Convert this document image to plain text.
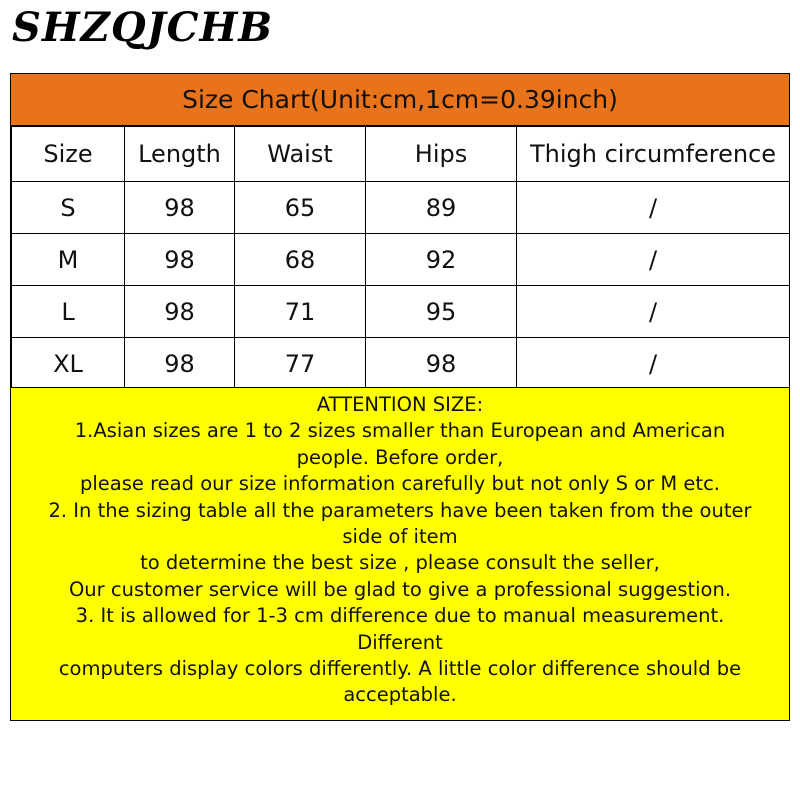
SHZQJCHB
Size Chart(Unit:cm,1cm=0.39inch)
Size	Length	Waist	Hips	Thigh circumference
S	98	65	89	/
M	98	68	92	/
L	98	71	95	/
XL	98	77	98	/
ATTENTION SIZE:
1.Asian sizes are 1 to 2 sizes smaller than European and American
people. Before order,
please read our size information carefully but not only S or M etc.
2. In the sizing table all the parameters have been taken from the outer
side of item
to determine the best size , please consult the seller,
Our customer service will be glad to give a professional suggestion.
3. It is allowed for 1-3 cm difference due to manual measurement.
Different
computers display colors differently. A little color difference should be
acceptable.
